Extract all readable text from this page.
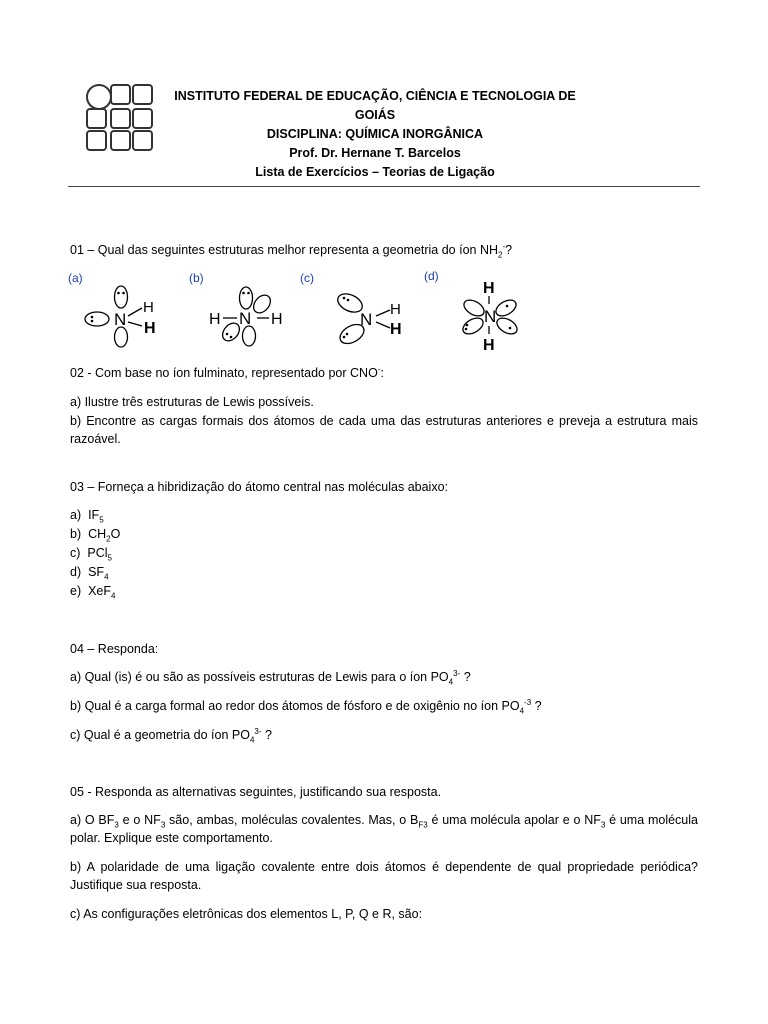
INSTITUTO FEDERAL DE EDUCAÇÃO, CIÊNCIA E TECNOLOGIA DE GOIÁS
DISCIPLINA: QUÍMICA INORGÂNICA
Prof. Dr. Hernane T. Barcelos
Lista de Exercícios – Teorias de Ligação
01 – Qual das seguintes estruturas melhor representa a geometria do íon $NH_2^-$?
(a)	(b)	(c)	(d)
N
H
H
H N H	N
H
H
H
N
H
02 - Com base no íon fulminato, representado por CNO-:
a) Ilustre três estruturas de Lewis possíveis.
b) Encontre as cargas formais dos átomos de cada uma das estruturas anteriores e preveja a estrutura mais razoável.
03 – Forneça a hibridização do átomo central nas moléculas abaixo:
a) $IF_5$
b) $CH_2O$
c) PCl$_5$
d) $SF_4$
e) XeF$_4$
04 – Responda:
a) Qual (is) é ou são as possíveis estruturas de Lewis para o íon $PO_4^{3-}$ ?
b) Qual é a carga formal ao redor dos átomos de fósforo e de oxigênio no íon $PO_4^{-3}$ ?
c) Qual é a geometria do íon $PO_4^{3-}$ ?
05 - Responda as alternativas seguintes, justificando sua resposta.
a) O $BF_3$ e o $NF_3$ são, ambas, moléculas covalentes. Mas, o $B_{F3}$ é uma molécula apolar e o $NF_3$ é uma molécula polar. Explique este comportamento.
b) A polaridade de uma ligação covalente entre dois átomos é dependente de qual propriedade periódica? Justifique sua resposta.
c) As configurações eletrônicas dos elementos L, P, Q e R, são:
